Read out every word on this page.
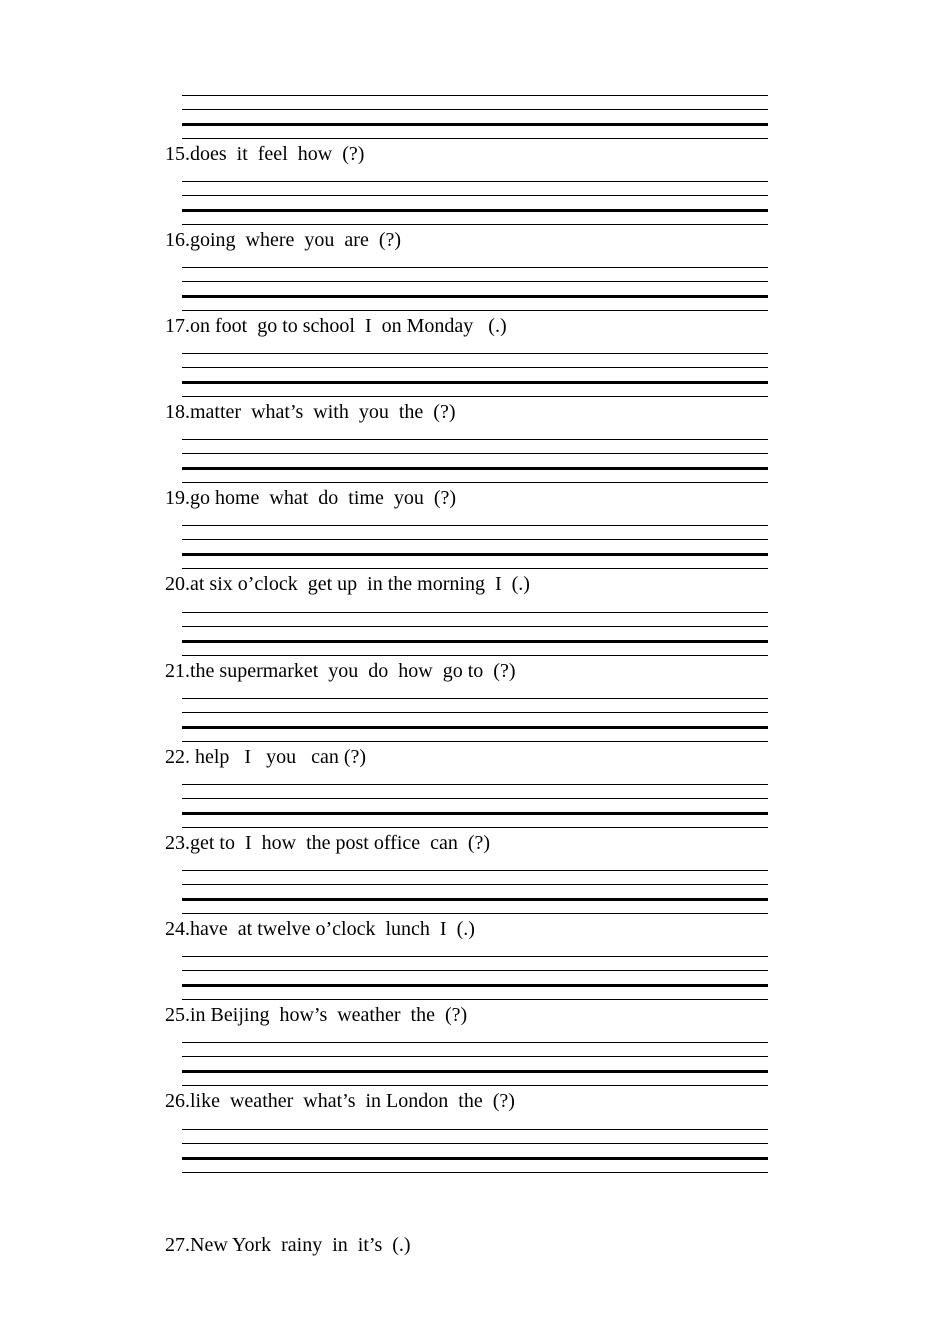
15.does  it  feel  how  (?)
16.going  where  you  are  (?)
17.on foot  go to school  I  on Monday   (.)
18.matter  what’s  with  you  the  (?)
19.go home  what  do  time  you  (?)
20.at six o’clock  get up  in the morning  I  (.)
21.the supermarket  you  do  how  go to  (?)
22. help   I   you   can (?)
23.get to  I  how  the post office  can  (?)
24.have  at twelve o’clock  lunch  I  (.)
25.in Beijing  how’s  weather  the  (?)
26.like  weather  what’s  in London  the  (?)
27.New York  rainy  in  it’s  (.)
